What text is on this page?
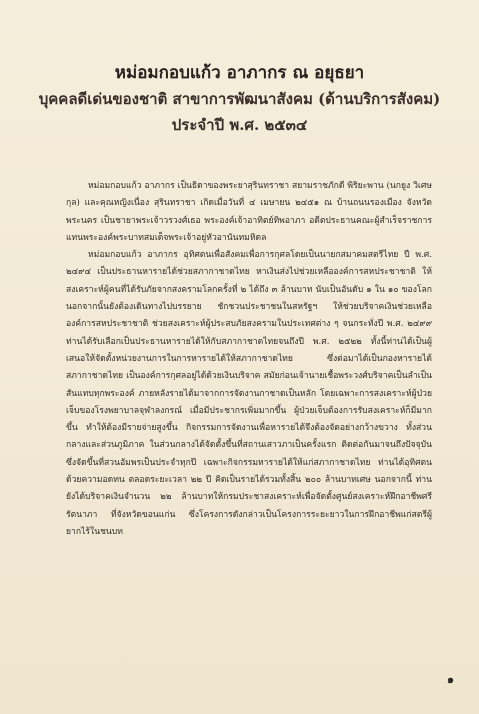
หม่อมกอบแก้ว อาภากร ณ อยุธยา

บุคคลดีเด่นของชาติ สาขาการพัฒนาสังคม (ด้านบริการสังคม)

ประจำปี พ.ศ. ๒๕๓๔

หม่อมกอบแก้ว อาภากร เป็นธิดาของพระยาสุรินทราชา สยามราชภักดี พิริยะพาน (นกยูง วิเศษกุล) และคุณหญิงเนื่อง สุรินทราชา เกิดเมื่อวันที่ ๔ เมษายน ๒๔๕๑ ณ บ้านถนนรองเมือง จังหวัดพระนคร เป็นชายาพระเจ้าวรวงศ์เธอ พระองค์เจ้าอาทิตย์ทิพอาภา อดีตประธานคณะผู้สำเร็จราชการแทนพระองค์พระบาทสมเด็จพระเจ้าอยู่หัวอานันทมหิดล

หม่อมกอบแก้ว อาภากร อุทิศตนเพื่อสังคมเพื่อการกุศลโดยเป็นนายกสมาคมสตรีไทย ปี พ.ศ. ๒๔๙๔ เป็นประธานหารายได้ช่วยสภากาชาดไทย หาเงินส่งไปช่วยเหลือองค์การสหประชาชาติ ให้สงเคราะห์ผู้คนที่ได้รับภัยจากสงครามโลกครั้งที่ ๒ ได้ถึง ๓ ล้านบาท นับเป็นอันดับ ๑ ใน ๑๐ ของโลก นอกจากนั้นยังต้องเดินทางไปบรรยาย ชักชวนประชาชนในสหรัฐฯ ให้ช่วยบริจาคเงินช่วยเหลือองค์การสหประชาชาติ ช่วยสงเคราะห์ผู้ประสบภัยสงครามในประเทศต่าง ๆ จนกระทั่งปี พ.ศ. ๒๔๙๙ ท่านได้รับเลือกเป็นประธานหารายได้ให้กับสภากาชาดไทยจนถึงปี พ.ศ. ๒๕๒๒ ทั้งนี้ท่านได้เป็นผู้เสนอให้จัดตั้งหน่วยงานการในการหารายได้ให้สภากาชาดไทย ซึ่งต่อมาได้เป็นกองหารายได้ สภากาชาดไทย เป็นองค์การกุศลอยู่ได้ด้วยเงินบริจาค สมัยก่อนเจ้านายเชื้อพระวงศ์บริจาคเป็นลำเป็นสันแทบทุกพระองค์ ภายหลังรายได้มาจากการจัดงานกาชาดเป็นหลัก โดยเฉพาะการสงเคราะห์ผู้ป่วยเจ็บของโรงพยาบาลจุฬาลงกรณ์ เมื่อมีประชากรเพิ่มมากขึ้น ผู้ป่วยเจ็บต้องการรับสงเคราะห์ก็มีมากขึ้น ทำให้ต้องมีรายจ่ายสูงขึ้น กิจกรรมการจัดงานเพื่อหารายได้จึงต้องจัดอย่างกว้างขวาง ทั้งส่วนกลางและส่วนภูมิภาค ในส่วนกลางได้จัดตั้งขึ้นที่สถานเสาวภาเป็นครั้งแรก ติดต่อกันมาจนถึงปัจจุบัน ซึ่งจัดขึ้นที่สวนอัมพรเป็นประจำทุกปี เฉพาะกิจกรรมหารายได้ให้แก่สภากาชาดไทย ท่านได้อุทิศตนด้วยความอดทน ตลอดระยะเวลา ๒๒ ปี คิดเป็นรายได้รวมทั้งสิ้น ๒๐๐ ล้านบาทเศษ นอกจากนี้ ท่านยังได้บริจาคเงินจำนวน ๒๒ ล้านบาทให้กรมประชาสงเคราะห์เพื่อจัดตั้งศูนย์สงเคราะห์ฝึกอาชีพศรีรัตนาภา ที่จังหวัดขอนแก่น ซึ่งโครงการดังกล่าวเป็นโครงการระยะยาวในการฝึกอาชีพแก่สตรีผู้ยากไร้ในชนบท

๑
